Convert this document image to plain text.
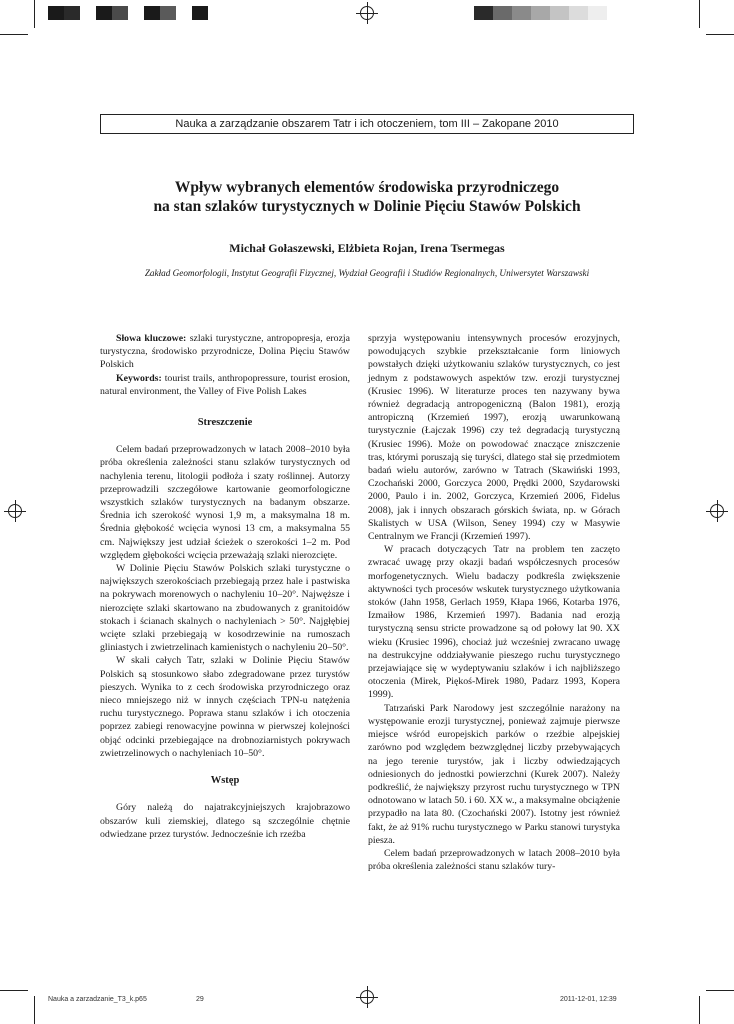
Nauka a zarządzanie obszarem Tatr i ich otoczeniem, tom III – Zakopane 2010
Wpływ wybranych elementów środowiska przyrodniczego
na stan szlaków turystycznych w Dolinie Pięciu Stawów Polskich
Michał Gołaszewski, Elżbieta Rojan, Irena Tsermegas
Zakład Geomorfologii, Instytut Geografii Fizycznej, Wydział Geografii i Studiów Regionalnych, Uniwersytet Warszawski

Słowa kluczowe: szlaki turystyczne, antropopresja, erozja turystyczna, środowisko przyrodnicze, Dolina Pięciu Stawów Polskich

Keywords: tourist trails, anthropopressure, tourist erosion, natural environment, the Valley of Five Polish Lakes

Streszczenie

Celem badań przeprowadzonych w latach 2008–2010 była próba określenia zależności stanu szlaków turystycznych od nachylenia terenu, litologii podłoża i szaty roślinnej. Autorzy przeprowadzili szczegółowe kartowanie geomorfologiczne wszystkich szlaków turystycznych na badanym obszarze. Średnia ich szerokość wynosi 1,9 m, a maksymalna 18 m. Średnia głębokość wcięcia wynosi 13 cm, a maksymalna 55 cm. Największy jest udział ścieżek o szerokości 1–2 m. Pod względem głębokości wcięcia przeważają szlaki nierozcięte.

W Dolinie Pięciu Stawów Polskich szlaki turystyczne o największych szerokościach przebiegają przez hale i pastwiska na pokrywach morenowych o nachyleniu 10–20°. Najwęższe i nierozcięte szlaki skartowano na zbudowanych z granitoidów stokach i ścianach skalnych o nachyleniach > 50°. Najgłębiej wcięte szlaki przebiegają w kosodrzewinie na rumoszach gliniastych i zwietrzelinach kamienistych o nachyleniu 20–50°.

W skali całych Tatr, szlaki w Dolinie Pięciu Stawów Polskich są stosunkowo słabo zdegradowane przez turystów pieszych. Wynika to z cech środowiska przyrodniczego oraz nieco mniejszego niż w innych częściach TPN-u natężenia ruchu turystycznego. Poprawa stanu szlaków i ich otoczenia poprzez zabiegi renowacyjne powinna w pierwszej kolejności objąć odcinki przebiegające na drobnoziarnistych pokrywach zwietrzelinowych o nachyleniach 10–50°.

Wstęp

Góry należą do najatrakcyjniejszych krajobrazowo obszarów kuli ziemskiej, dlatego są szczególnie chętnie odwiedzane przez turystów. Jednocześnie ich rzeźba

sprzyja występowaniu intensywnych procesów erozyjnych, powodujących szybkie przekształcanie form liniowych powstałych dzięki użytkowaniu szlaków turystycznych, co jest jednym z podstawowych aspektów tzw. erozji turystycznej (Krusiec 1996). W literaturze proces ten nazywany bywa również degradacją antropogeniczną (Balon 1981), erozją antropiczną (Krzemień 1997), erozją uwarunkowaną turystycznie (Łajczak 1996) czy też degradacją turystyczną (Krusiec 1996). Może on powodować znaczące zniszczenie tras, którymi poruszają się turyści, dlatego stał się przedmiotem badań wielu autorów, zarówno w Tatrach (Skawiński 1993, Czochański 2000, Gorczyca 2000, Prędki 2000, Szydarowski 2000, Paulo i in. 2002, Gorczyca, Krzemień 2006, Fidelus 2008), jak i innych obszarach górskich świata, np. w Górach Skalistych w USA (Wilson, Seney 1994) czy w Masywie Centralnym we Francji (Krzemień 1997).

W pracach dotyczących Tatr na problem ten zaczęto zwracać uwagę przy okazji badań współczesnych procesów morfogenetycznych. Wielu badaczy podkreśla zwiększenie aktywności tych procesów wskutek turystycznego użytkowania stoków (Jahn 1958, Gerlach 1959, Kłapa 1966, Kotarba 1976, Izmaiłow 1986, Krzemień 1997). Badania nad erozją turystyczną sensu stricte prowadzone są od połowy lat 90. XX wieku (Krusiec 1996), chociaż już wcześniej zwracano uwagę na destrukcyjne oddziaływanie pieszego ruchu turystycznego przejawiające się w wydeptywaniu szlaków i ich najbliższego otoczenia (Mirek, Piękoś-Mirek 1980, Padarz 1993, Kopera 1999).

Tatrzański Park Narodowy jest szczególnie narażony na występowanie erozji turystycznej, ponieważ zajmuje pierwsze miejsce wśród europejskich parków o rzeźbie alpejskiej zarówno pod względem bezwzględnej liczby przebywających na jego terenie turystów, jak i liczby odwiedzających odniesionych do jednostki powierzchni (Kurek 2007). Należy podkreślić, że największy przyrost ruchu turystycznego w TPN odnotowano w latach 50. i 60. XX w., a maksymalne obciążenie przypadło na lata 80. (Czochański 2007). Istotny jest również fakt, że aż 91% ruchu turystycznego w Parku stanowi turystyka piesza.

Celem badań przeprowadzonych w latach 2008–2010 była próba określenia zależności stanu szlaków tury-

Nauka a zarzadzanie_T3_k.p65	29	2011-12-01, 12:39
